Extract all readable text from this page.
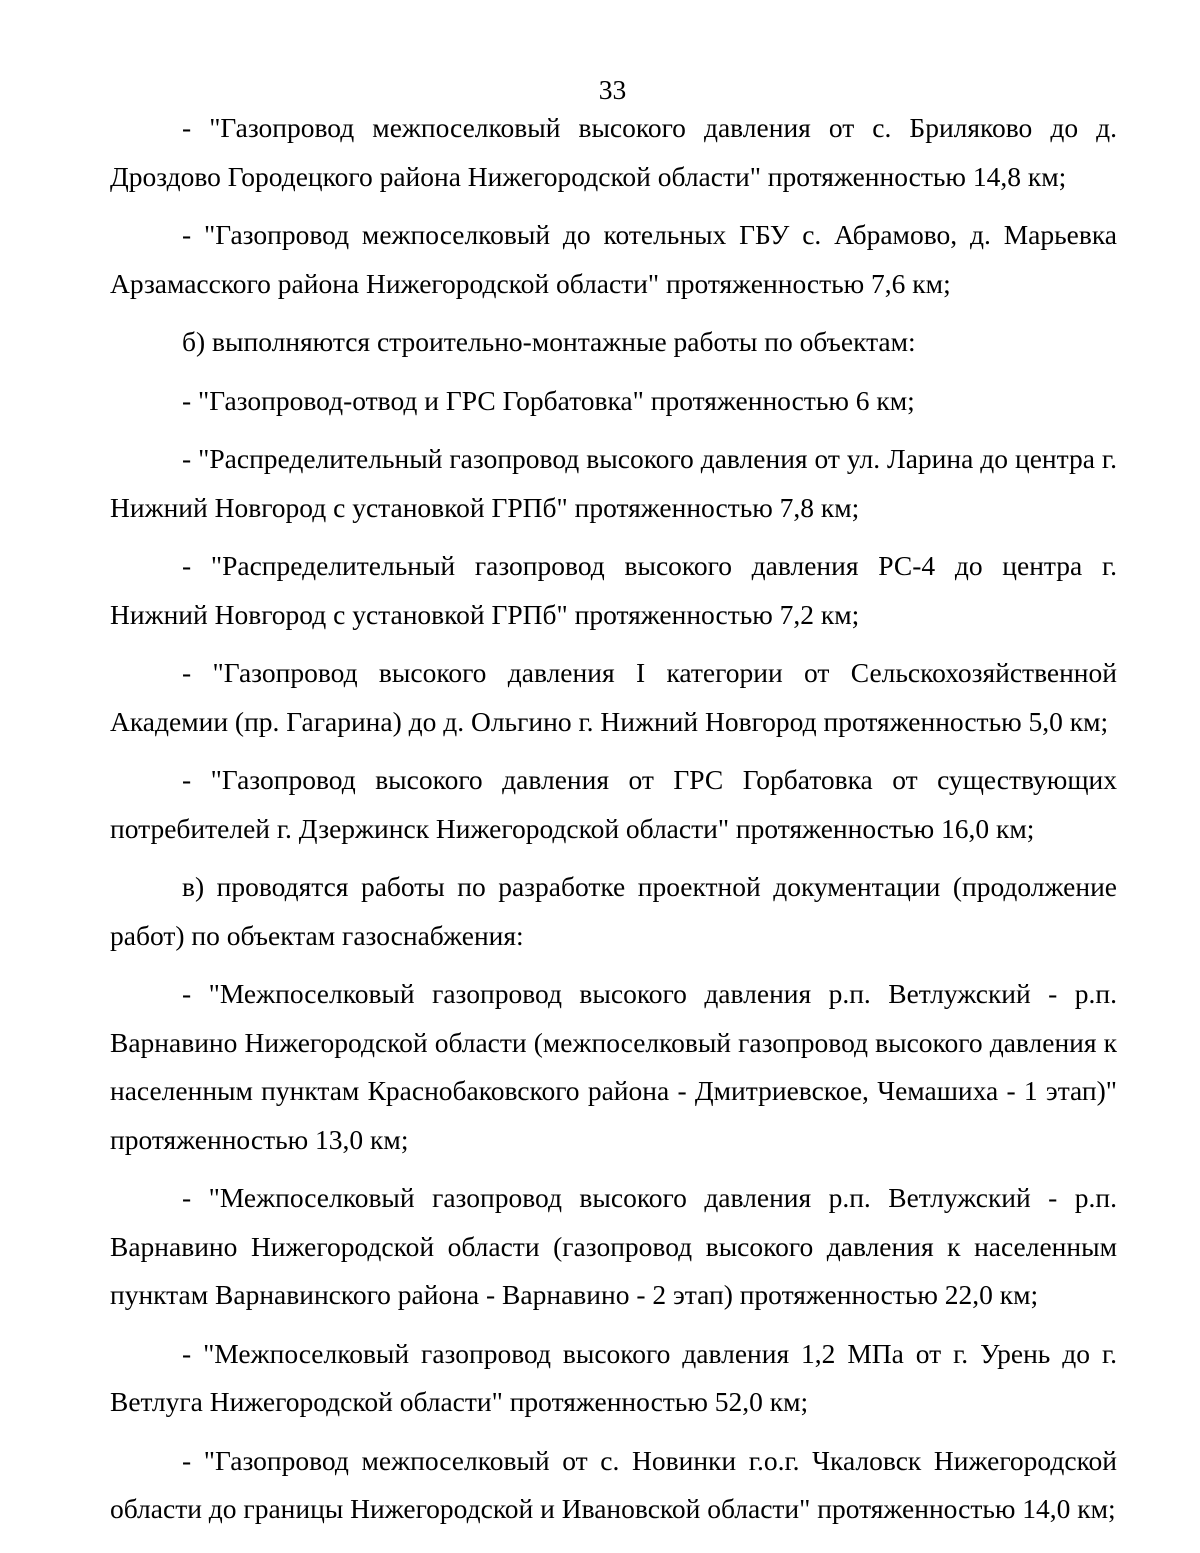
33

- "Газопровод межпоселковый высокого давления от с. Бриляково до д. Дроздово Городецкого района Нижегородской области" протяженностью 14,8 км;

- "Газопровод межпоселковый до котельных ГБУ с. Абрамово, д. Марьевка Арзамасского района Нижегородской области" протяженностью 7,6 км;

б) выполняются строительно-монтажные работы по объектам:

- "Газопровод-отвод и ГРС Горбатовка" протяженностью 6 км;

- "Распределительный газопровод высокого давления от ул. Ларина до центра г. Нижний Новгород с установкой ГРПб" протяженностью 7,8 км;

- "Распределительный газопровод высокого давления РС-4 до центра г. Нижний Новгород с установкой ГРПб" протяженностью 7,2 км;

- "Газопровод высокого давления I категории от Сельскохозяйственной Академии (пр. Гагарина) до д. Ольгино г. Нижний Новгород протяженностью 5,0 км;

- "Газопровод высокого давления от ГРС Горбатовка от существующих потребителей г. Дзержинск Нижегородской области" протяженностью 16,0 км;

в) проводятся работы по разработке проектной документации (продолжение работ) по объектам газоснабжения:

- "Межпоселковый газопровод высокого давления р.п. Ветлужский - р.п. Варнавино Нижегородской области (межпоселковый газопровод высокого давления к населенным пунктам Краснобаковского района - Дмитриевское, Чемашиха - 1 этап)" протяженностью 13,0 км;

- "Межпоселковый газопровод высокого давления р.п. Ветлужский - р.п. Варнавино Нижегородской области (газопровод высокого давления к населенным пунктам Варнавинского района - Варнавино - 2 этап) протяженностью 22,0 км;

- "Межпоселковый газопровод высокого давления 1,2 МПа от г. Урень до г. Ветлуга Нижегородской области" протяженностью 52,0 км;

- "Газопровод межпоселковый от с. Новинки г.о.г. Чкаловск Нижегородской области до границы Нижегородской и Ивановской области" протяженностью 14,0 км;
